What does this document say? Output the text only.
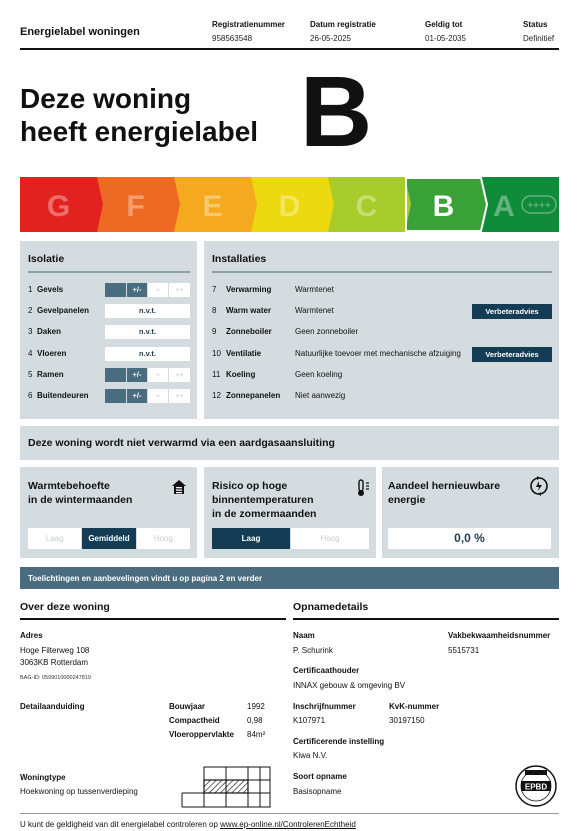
Energielabel woningen
Registratienummer
958563548
Datum registratie
26-05-2025
Geldig tot
01-05-2035
Status
Definitief
Deze woning
heeft energielabel B
G F E D C B A ++++
Isolatie
1 Gevels	+/-	+	++
2 Gevelpanelen	n.v.t.
3 Daken	n.v.t.
4 Vloeren	n.v.t.
5 Ramen	+/-	+	++
6 Buitendeuren	+/-	+	++
Installaties
7 Verwarming	Warmtenet
8 Warm water	Warmtenet	Verbeteradvies
9 Zonneboiler	Geen zonneboiler
10 Ventilatie	Natuurlijke toevoer met mechanische afzuiging	Verbeteradvies
11 Koeling	Geen koeling
12 Zonnepanelen Niet aanwezig
Deze woning wordt niet verwarmd via een aardgasaansluiting
Warmtebehoefte
in de wintermaanden
Laag	Gemiddeld	Hoog
Risico op hoge
binnentemperaturen
in de zomermaanden
Laag	Hoog
Aandeel hernieuwbare
energie
0,0 %
Toelichtingen en aanbevelingen vindt u op pagina 2 en verder
Over deze woning
Adres
Hoge Filterweg 108
3063KB Rotterdam
BAG-ID: 0599010000247819
Detailaanduiding	Bouwjaar	1992
Compactheid	0,98
Vloeroppervlakte 84m²
Woningtype
Hoekwoning op tussenverdieping
Opnamedetails
Naam
P. Schurink
Vakbekwaamheidsnummer
5515731
Certificaathouder
INNAX gebouw & omgeving BV
Inschrijfnummer
K107971
KvK-nummer
30197150
Certificerende instelling
Kiwa N.V.
Soort opname
Basisopname	EPBD
U kunt de geldigheid van dit energielabel controleren op www.ep-online.nl/ControlerenEchtheid
